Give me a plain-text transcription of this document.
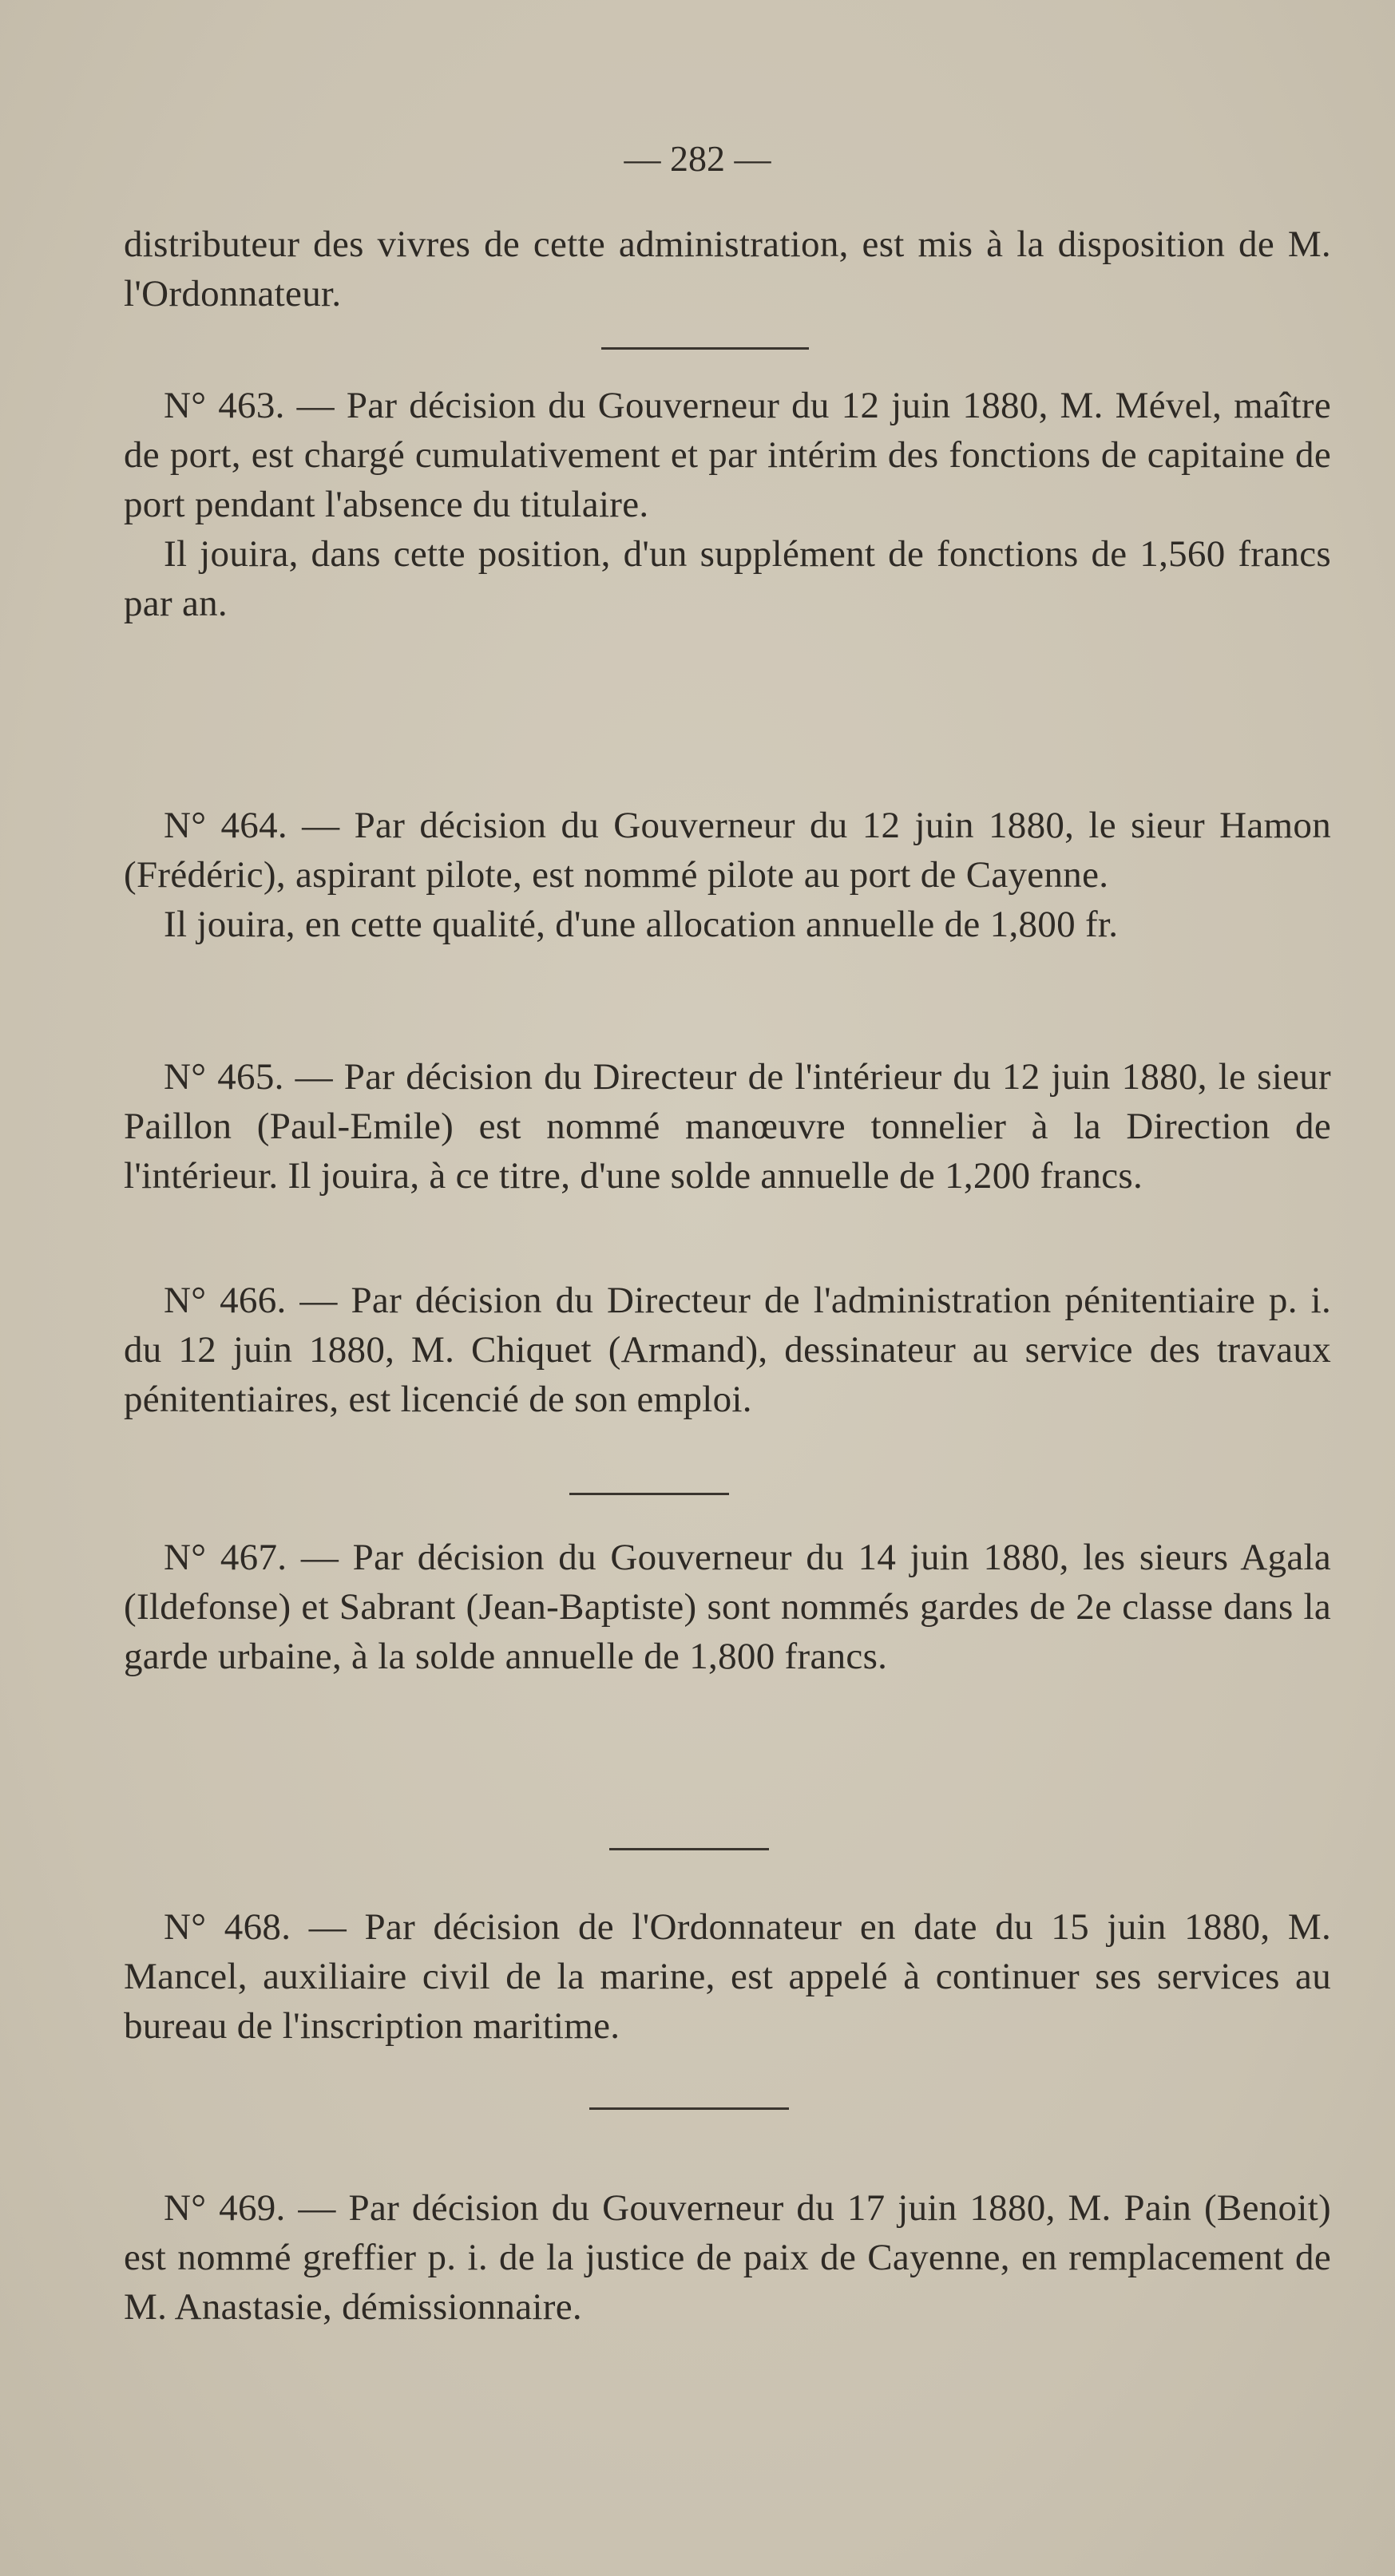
— 282 —

distributeur des vivres de cette administration, est mis à la disposition de M. l'Ordonnateur.

N° 463. — Par décision du Gouverneur du 12 juin 1880, M. Mével, maître de port, est chargé cumulativement et par intérim des fonctions de capitaine de port pendant l'absence du titulaire.

Il jouira, dans cette position, d'un supplément de fonctions de 1,560 francs par an.

N° 464. — Par décision du Gouverneur du 12 juin 1880, le sieur Hamon (Frédéric), aspirant pilote, est nommé pilote au port de Cayenne.

Il jouira, en cette qualité, d'une allocation annuelle de 1,800 fr.

N° 465. — Par décision du Directeur de l'intérieur du 12 juin 1880, le sieur Paillon (Paul-Emile) est nommé manœuvre tonnelier à la Direction de l'intérieur. Il jouira, à ce titre, d'une solde annuelle de 1,200 francs.

N° 466. — Par décision du Directeur de l'administration pénitentiaire p. i. du 12 juin 1880, M. Chiquet (Armand), dessinateur au service des travaux pénitentiaires, est licencié de son emploi.

N° 467. — Par décision du Gouverneur du 14 juin 1880, les sieurs Agala (Ildefonse) et Sabrant (Jean-Baptiste) sont nommés gardes de 2e classe dans la garde urbaine, à la solde annuelle de 1,800 francs.

N° 468. — Par décision de l'Ordonnateur en date du 15 juin 1880, M. Mancel, auxiliaire civil de la marine, est appelé à continuer ses services au bureau de l'inscription maritime.

N° 469. — Par décision du Gouverneur du 17 juin 1880, M. Pain (Benoit) est nommé greffier p. i. de la justice de paix de Cayenne, en remplacement de M. Anastasie, démissionnaire.
